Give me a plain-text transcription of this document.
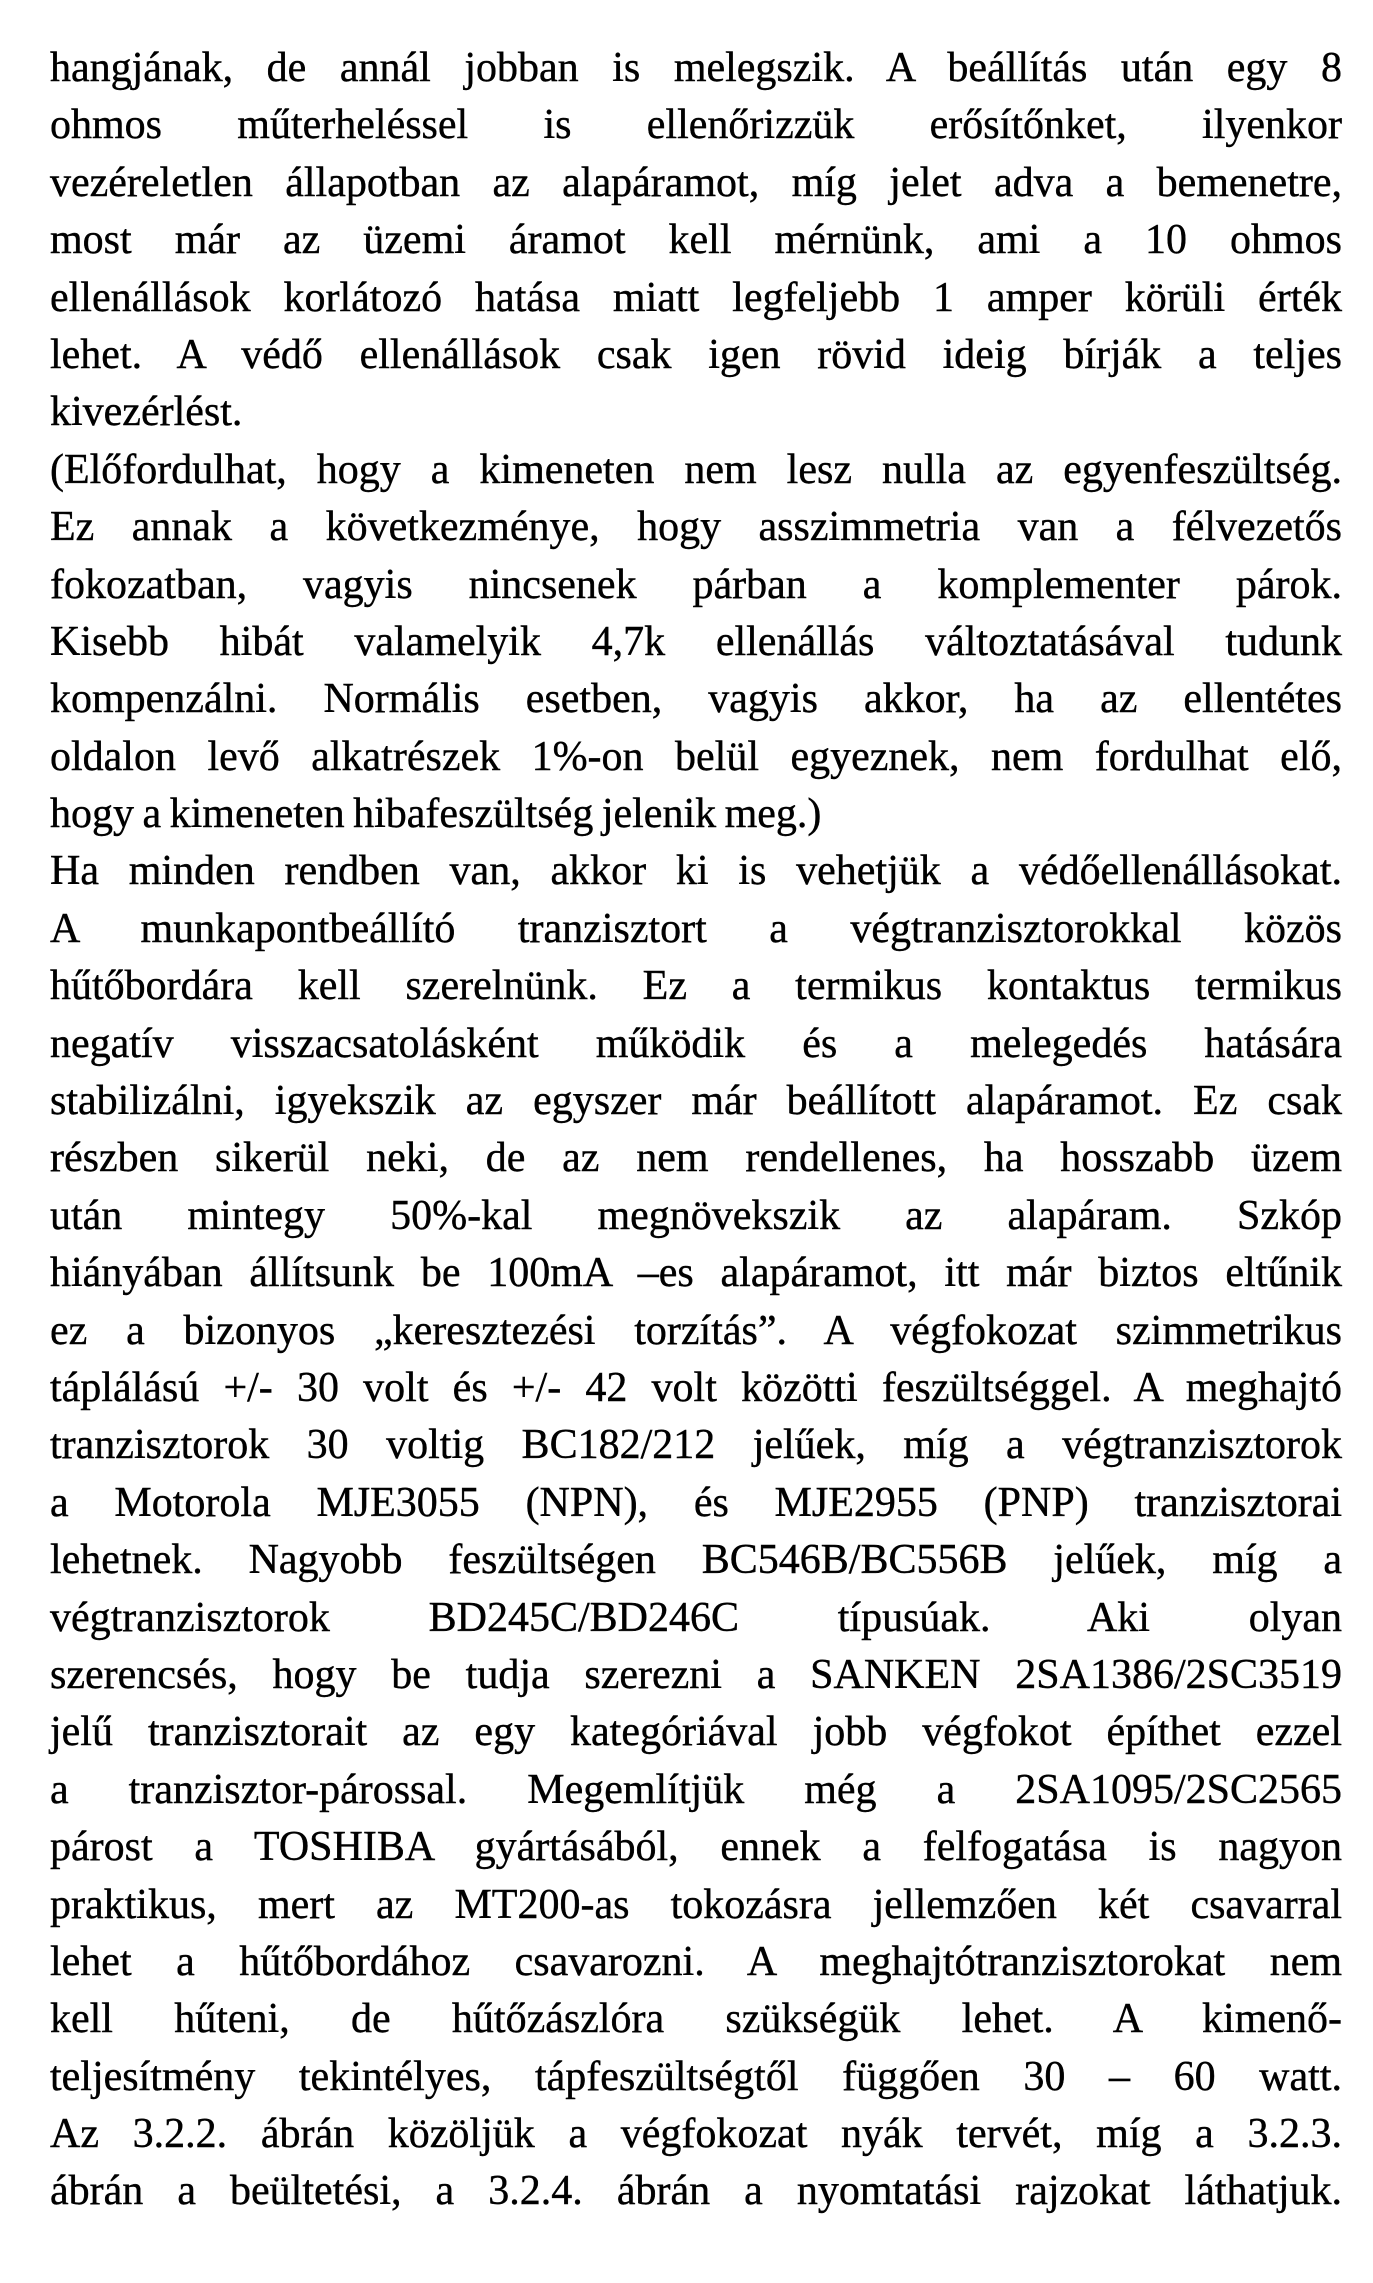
hangjának, de annál jobban is melegszik. A beállítás után egy 8
ohmos műterheléssel is ellenőrizzük erősítőnket, ilyenkor
vezéreletlen állapotban az alapáramot, míg jelet adva a bemenetre,
most már az üzemi áramot kell mérnünk, ami a 10 ohmos
ellenállások korlátozó hatása miatt legfeljebb 1 amper körüli érték
lehet. A védő ellenállások csak igen rövid ideig bírják a teljes
kivezérlést.
(Előfordulhat, hogy a kimeneten nem lesz nulla az egyenfeszültség.
Ez annak a következménye, hogy asszimmetria van a félvezetős
fokozatban, vagyis nincsenek párban a komplementer párok.
Kisebb hibát valamelyik 4,7k ellenállás változtatásával tudunk
kompenzálni. Normális esetben, vagyis akkor, ha az ellentétes
oldalon levő alkatrészek 1%-on belül egyeznek, nem fordulhat elő,
hogy a kimeneten hibafeszültség jelenik meg.)
Ha minden rendben van, akkor ki is vehetjük a védőellenállásokat.
A munkapontbeállító tranzisztort a végtranzisztorokkal közös
hűtőbordára kell szerelnünk. Ez a termikus kontaktus termikus
negatív visszacsatolásként működik és a melegedés hatására
stabilizálni, igyekszik az egyszer már beállított alapáramot. Ez csak
részben sikerül neki, de az nem rendellenes, ha hosszabb üzem
után mintegy 50%-kal megnövekszik az alapáram. Szkóp
hiányában állítsunk be 100mA –es alapáramot, itt már biztos eltűnik
ez a bizonyos „keresztezési torzítás”. A végfokozat szimmetrikus
táplálású +/- 30 volt és +/- 42 volt közötti feszültséggel. A meghajtó
tranzisztorok 30 voltig BC182/212 jelűek, míg a végtranzisztorok
a Motorola MJE3055 (NPN), és MJE2955 (PNP) tranzisztorai
lehetnek. Nagyobb feszültségen BC546B/BC556B jelűek, míg a
végtranzisztorok BD245C/BD246C típusúak. Aki olyan
szerencsés, hogy be tudja szerezni a SANKEN 2SA1386/2SC3519
jelű tranzisztorait az egy kategóriával jobb végfokot építhet ezzel
a tranzisztor-párossal. Megemlítjük még a 2SA1095/2SC2565
párost a TOSHIBA gyártásából, ennek a felfogatása is nagyon
praktikus, mert az MT200-as tokozásra jellemzően két csavarral
lehet a hűtőbordához csavarozni. A meghajtótranzisztorokat nem
kell hűteni, de hűtőzászlóra szükségük lehet. A kimenő-
teljesítmény tekintélyes, tápfeszültségtől függően 30 – 60 watt.
Az 3.2.2. ábrán közöljük a végfokozat nyák tervét, míg a 3.2.3.
ábrán a beültetési, a 3.2.4. ábrán a nyomtatási rajzokat láthatjuk.
